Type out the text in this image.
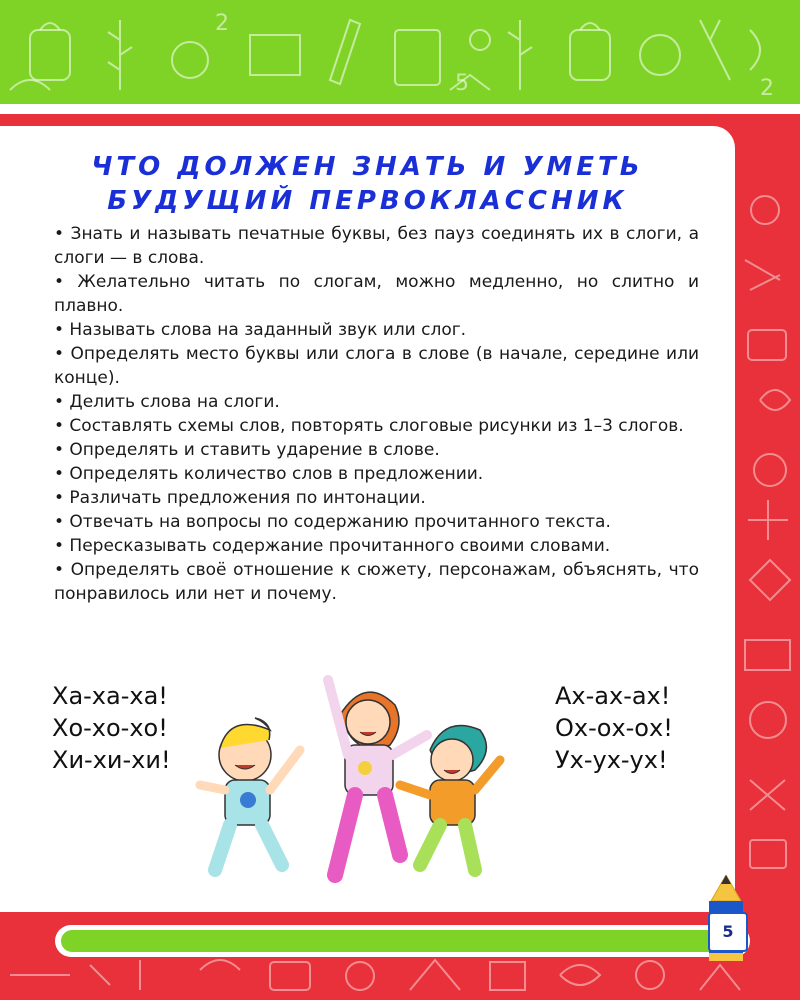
2
5	2
ЧТО ДОЛЖЕН ЗНАТЬ И УМЕТЬ
БУДУЩИЙ ПЕРВОКЛАССНИК

• Знать и называть печатные буквы, без пауз соединять их в слоги, а слоги — в слова.

• Желательно читать по слогам, можно медленно, но слитно и плавно.

• Называть слова на заданный звук или слог.

• Определять место буквы или слога в слове (в начале, середине или конце).

• Делить слова на слоги.

• Составлять схемы слов, повторять слоговые рисунки из 1–3 слогов.

• Определять и ставить ударение в слове.

• Определять количество слов в предложении.

• Различать предложения по интонации.

• Отвечать на вопросы по содержанию прочитанного текста.

• Пересказывать содержание прочитанного своими словами.

• Определять своё отношение к сюжету, персонажам, объяснять, что понравилось или нет и почему.

Ха-ха-ха!
Хо-хо-хо!
Хи-хи-хи!
Ах-ах-ах!
Ох-ох-ох!
Ух-ух-ух!
5
